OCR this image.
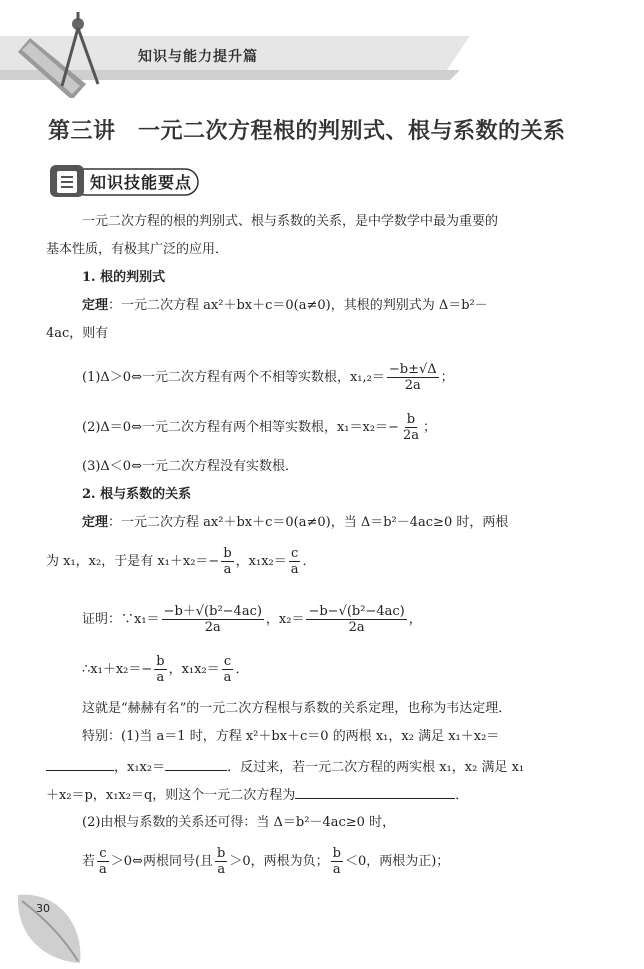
知识与能力提升篇
第三讲　一元二次方程根的判别式、根与系数的关系
知识技能要点
一元二次方程的根的判别式、根与系数的关系，是中学数学中最为重要的
基本性质，有极其广泛的应用．
1. 根的判别式
定理：一元二次方程 ax²＋bx＋c＝0(a≠0)，其根的判别式为 Δ＝b²－
4ac，则有
(1)Δ＞0⇔一元二次方程有两个不相等实数根，$x_1,_2= \frac{-b\pm√\Delta}{2a}$ ；
(2)Δ＝0⇔一元二次方程有两个相等实数根，$x_1=x_2=- \frac{b}{2a}$ ；
(3)Δ＜0⇔一元二次方程没有实数根．
2. 根与系数的关系
定理：一元二次方程 ax²＋bx＋c＝0(a≠0)，当 Δ＝b²－4ac≥0 时，两根
为 x₁，x₂，于是有 $x_1+x_2=- \frac{b}{a}$ ，$x_1x_2= \frac{c}{a}$ ．
证明：∵x₁＝ $\frac{\text{−b＋√(b²−4ac)}}{2a}$ ，$x_2= \frac{\text{−b−√(b²−4ac)}}{2a}$ ，
∴x₁＋x₂＝− $\frac{b}{a}$ ，$x_1x_2= \frac{c}{a}$ ．
这就是“赫赫有名”的一元二次方程根与系数的关系定理，也称为韦达定理．
特别：(1)当 a＝1 时，方程 x²＋bx＋c＝0 的两根 x₁，x₂ 满足 x₁＋x₂＝
，x₁x₂＝	．反过来，若一元二次方程的两实根 x₁，x₂ 满足 x₁
＋x₂＝p，x₁x₂＝q，则这个一元二次方程为	．
(2)由根与系数的关系还可得：当 Δ＝b²－4ac≥0 时，
若 $\frac{c}{a}$ ＞0⇔两根同号(且 $\frac{b}{a} >0$，两根为负； $\frac{b}{a} <0$，两根为正)；
30
